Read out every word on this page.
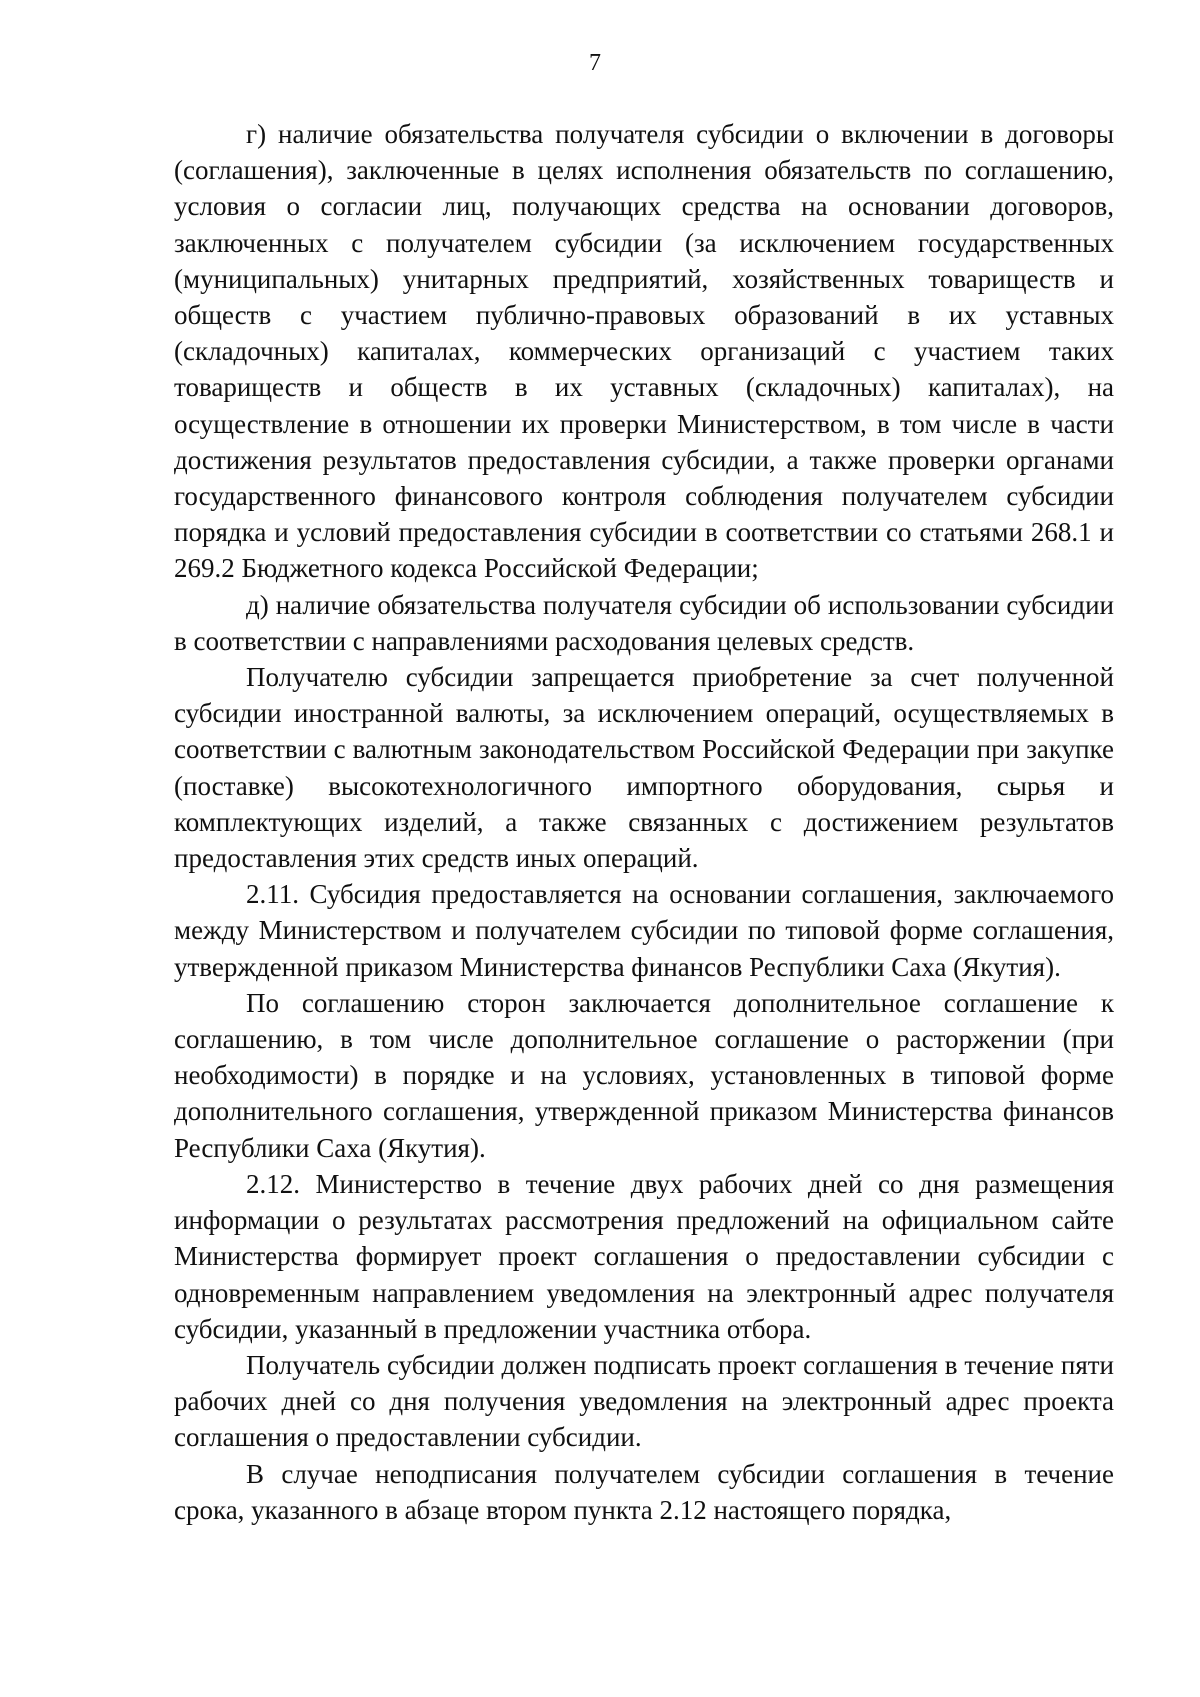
7

г) наличие обязательства получателя субсидии о включении в договоры (соглашения), заключенные в целях исполнения обязательств по соглашению, условия о согласии лиц, получающих средства на основании договоров, заключенных с получателем субсидии (за исключением государственных (муниципальных) унитарных предприятий, хозяйственных товариществ и обществ с участием публично-правовых образований в их уставных (складочных) капиталах, коммерческих организаций с участием таких товариществ и обществ в их уставных (складочных) капиталах), на осуществление в отношении их проверки Министерством, в том числе в части достижения результатов предоставления субсидии, а также проверки органами государственного финансового контроля соблюдения получателем субсидии порядка и условий предоставления субсидии в соответствии со статьями 268.1 и 269.2 Бюджетного кодекса Российской Федерации;

д) наличие обязательства получателя субсидии об использовании субсидии в соответствии с направлениями расходования целевых средств.

Получателю субсидии запрещается приобретение за счет полученной субсидии иностранной валюты, за исключением операций, осуществляемых в соответствии с валютным законодательством Российской Федерации при закупке (поставке) высокотехнологичного импортного оборудования, сырья и комплектующих изделий, а также связанных с достижением результатов предоставления этих средств иных операций.

2.11. Субсидия предоставляется на основании соглашения, заключаемого между Министерством и получателем субсидии по типовой форме соглашения, утвержденной приказом Министерства финансов Республики Саха (Якутия).

По соглашению сторон заключается дополнительное соглашение к соглашению, в том числе дополнительное соглашение о расторжении (при необходимости) в порядке и на условиях, установленных в типовой форме дополнительного соглашения, утвержденной приказом Министерства финансов Республики Саха (Якутия).

2.12. Министерство в течение двух рабочих дней со дня размещения информации о результатах рассмотрения предложений на официальном сайте Министерства формирует проект соглашения о предоставлении субсидии с одновременным направлением уведомления на электронный адрес получателя субсидии, указанный в предложении участника отбора.

Получатель субсидии должен подписать проект соглашения в течение пяти рабочих дней со дня получения уведомления на электронный адрес проекта соглашения о предоставлении субсидии.

В случае неподписания получателем субсидии соглашения в течение срока, указанного в абзаце втором пункта 2.12 настоящего порядка,
